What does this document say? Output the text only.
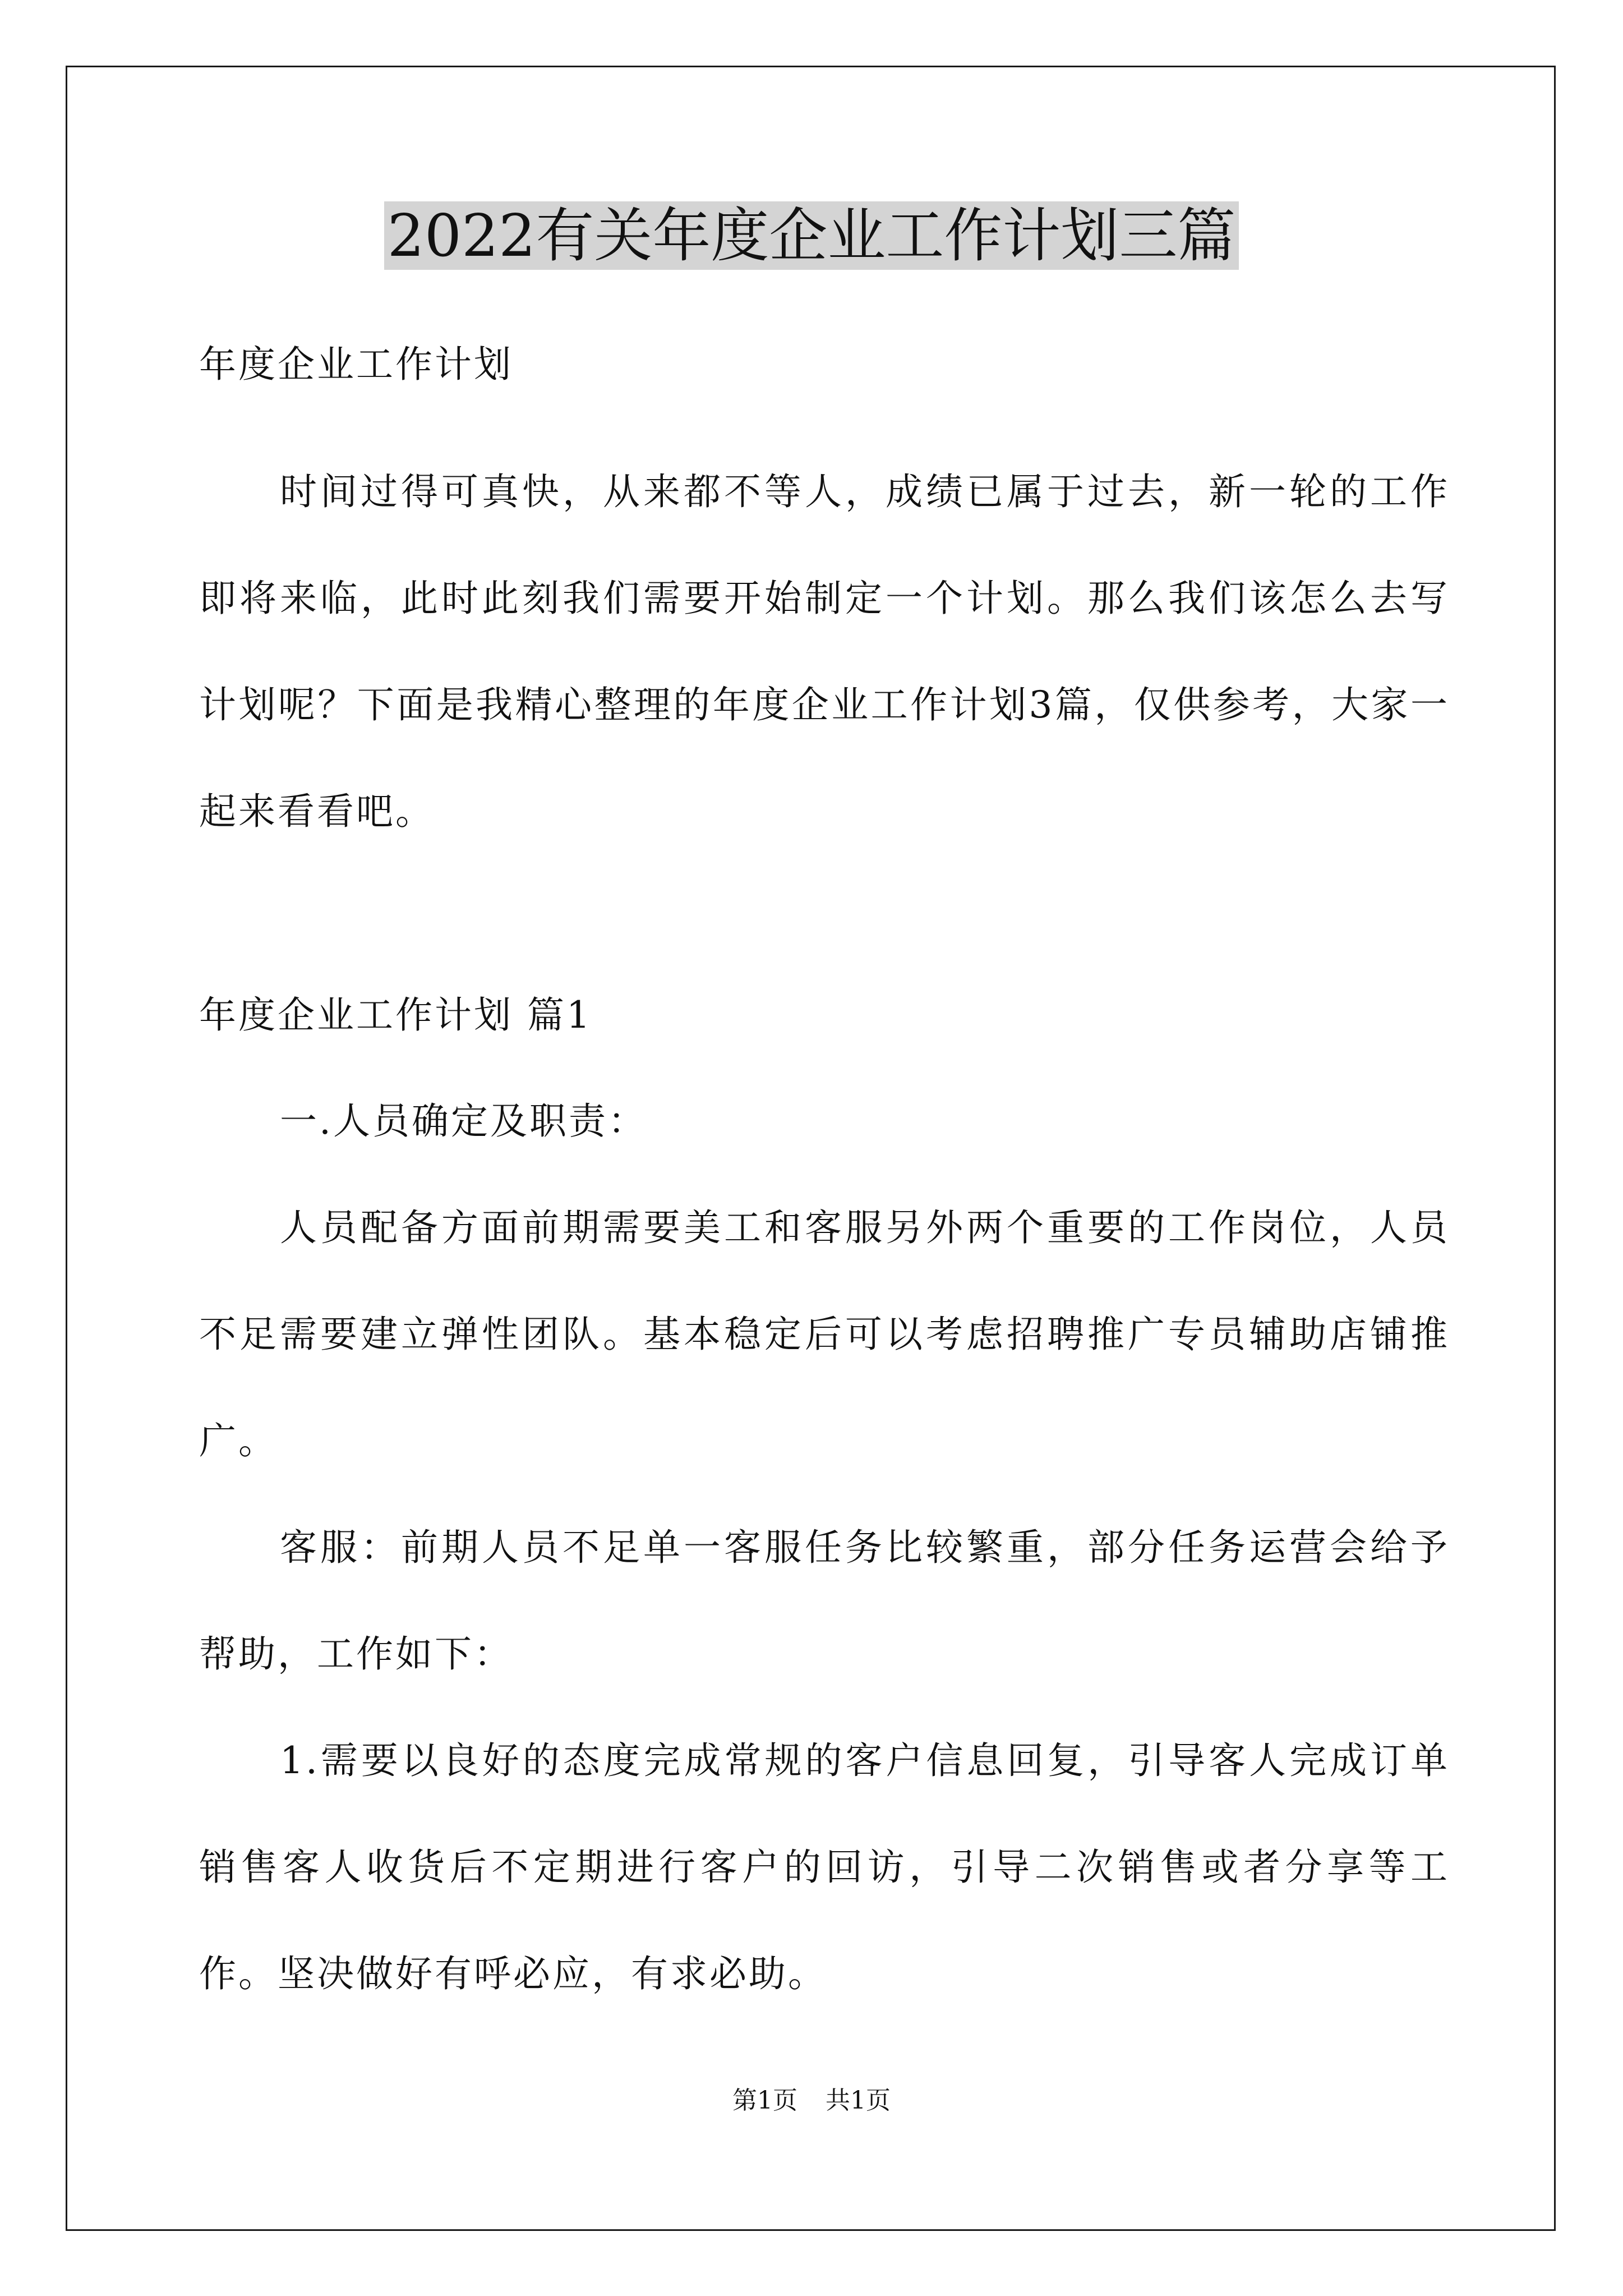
2022有关年度企业工作计划三篇

年度企业工作计划

时间过得可真快，从来都不等人，成绩已属于过去，新一轮的工作即将来临，此时此刻我们需要开始制定一个计划。那么我们该怎么去写计划呢？下面是我精心整理的年度企业工作计划3篇，仅供参考，大家一起来看看吧。

年度企业工作计划 篇1

一.人员确定及职责：

人员配备方面前期需要美工和客服另外两个重要的工作岗位，人员不足需要建立弹性团队。基本稳定后可以考虑招聘推广专员辅助店铺推广。

客服：前期人员不足单一客服任务比较繁重，部分任务运营会给予帮助，工作如下：

1.需要以良好的态度完成常规的客户信息回复，引导客人完成订单销售客人收货后不定期进行客户的回访，引导二次销售或者分享等工作。坚决做好有呼必应，有求必助。

第1页 共1页
